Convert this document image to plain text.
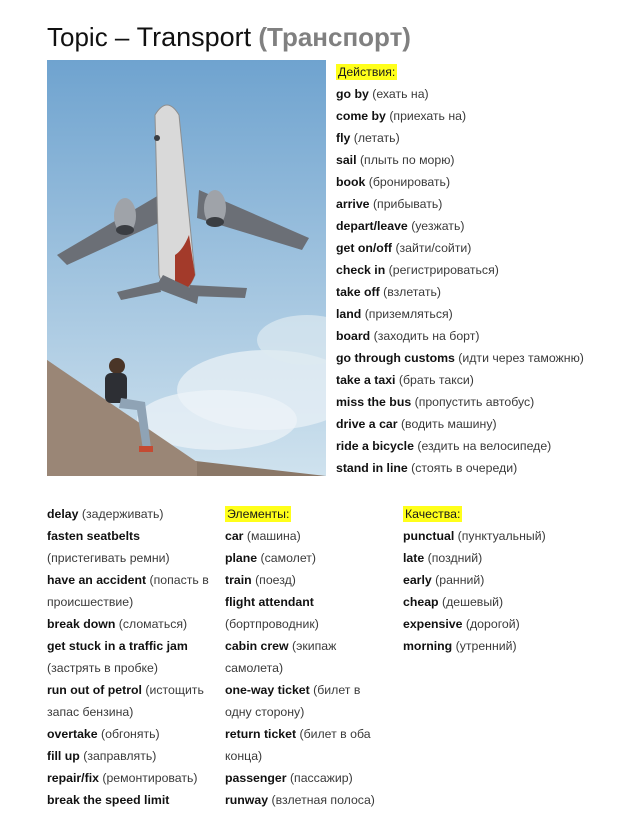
Topic – Transport (Транспорт)
Действия:
go by (ехать на)
come by (приехать на)
fly (летать)
sail (плыть по морю)
book (бронировать)
arrive (прибывать)
depart/leave (уезжать)
get on/off (зайти/сойти)
check in (регистрироваться)
take off (взлетать)
land (приземляться)
board (заходить на борт)
go through customs (идти через таможню)
take a taxi (брать такси)
miss the bus (пропустить автобус)
drive a car (водить машину)
ride a bicycle (ездить на велосипеде)
stand in line (стоять в очереди)
delay (задерживать)
fasten seatbelts (пристегивать ремни)
have an accident (попасть в происшествие)
break down (сломаться)
get stuck in a traffic jam (застрять в пробке)
run out of petrol (истощить запас бензина)
overtake (обгонять)
fill up (заправлять)
repair/fix (ремонтировать)
break the speed limit
Элементы:
car (машина)
plane (самолет)
train (поезд)
flight attendant (бортпроводник)
cabin crew (экипаж самолета)
one-way ticket (билет в одну сторону)
return ticket (билет в оба конца)
passenger (пассажир)
runway (взлетная полоса)
Качества:
punctual (пунктуальный)
late (поздний)
early (ранний)
cheap (дешевый)
expensive (дорогой)
morning (утренний)
